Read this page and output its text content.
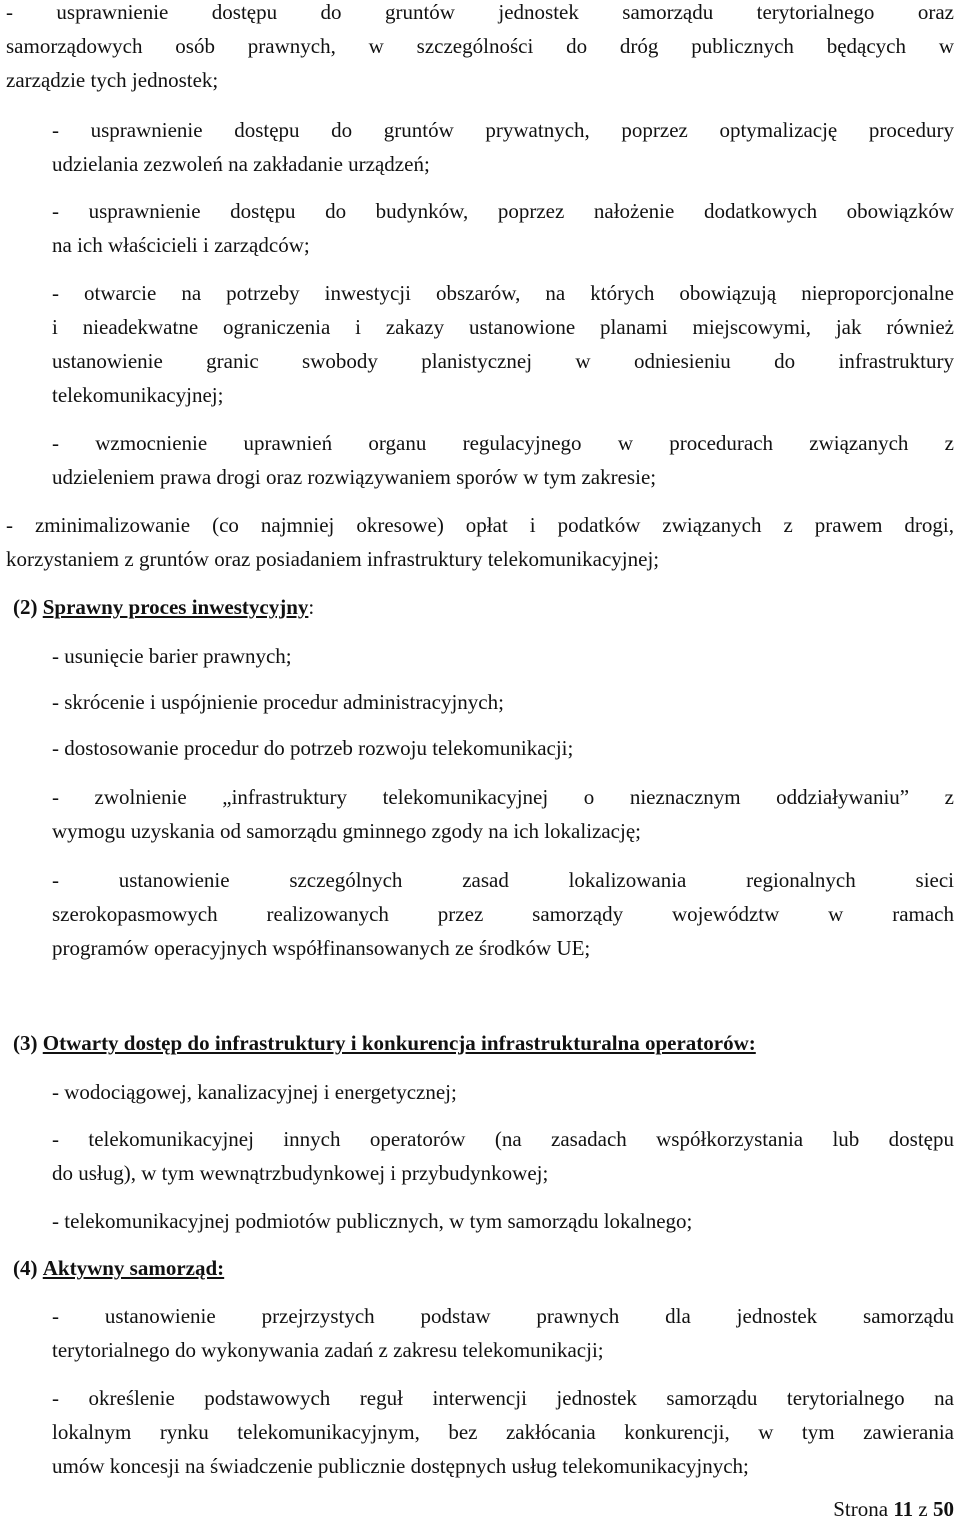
- usprawnienie dostępu do gruntów jednostek samorządu terytorialnego oraz
samorządowych osób prawnych, w szczególności do dróg publicznych będących w
zarządzie tych jednostek;
- usprawnienie dostępu do gruntów prywatnych, poprzez optymalizację procedury
udzielania zezwoleń na zakładanie urządzeń;
- usprawnienie dostępu do budynków, poprzez nałożenie dodatkowych obowiązków
na ich właścicieli i zarządców;
- otwarcie na potrzeby inwestycji obszarów, na których obowiązują nieproporcjonalne
i nieadekwatne ograniczenia i zakazy ustanowione planami miejscowymi, jak również
ustanowienie granic swobody planistycznej w odniesieniu do infrastruktury
telekomunikacyjnej;
- wzmocnienie uprawnień organu regulacyjnego w procedurach związanych z
udzieleniem prawa drogi oraz rozwiązywaniem sporów w tym zakresie;
- zminimalizowanie (co najmniej okresowe) opłat i podatków związanych z prawem drogi,
korzystaniem z gruntów oraz posiadaniem infrastruktury telekomunikacyjnej;
(2) Sprawny proces inwestycyjny:
- usunięcie barier prawnych;
- skrócenie i uspójnienie procedur administracyjnych;
- dostosowanie procedur do potrzeb rozwoju telekomunikacji;
- zwolnienie „infrastruktury telekomunikacyjnej o nieznacznym oddziaływaniu” z
wymogu uzyskania od samorządu gminnego zgody na ich lokalizację;
- ustanowienie szczególnych zasad lokalizowania regionalnych sieci
szerokopasmowych realizowanych przez samorządy województw w ramach
programów operacyjnych współfinansowanych ze środków UE;
(3) Otwarty dostęp do infrastruktury i konkurencja infrastrukturalna operatorów:
- wodociągowej, kanalizacyjnej i energetycznej;
- telekomunikacyjnej innych operatorów (na zasadach współkorzystania lub dostępu
do usług), w tym wewnątrzbudynkowej i przybudynkowej;
- telekomunikacyjnej podmiotów publicznych, w tym samorządu lokalnego;
(4) Aktywny samorząd:
- ustanowienie przejrzystych podstaw prawnych dla jednostek samorządu
terytorialnego do wykonywania zadań z zakresu telekomunikacji;
- określenie podstawowych reguł interwencji jednostek samorządu terytorialnego na
lokalnym rynku telekomunikacyjnym, bez zakłócania konkurencji, w tym zawierania
umów koncesji na świadczenie publicznie dostępnych usług telekomunikacyjnych;
Strona 11 z 50
